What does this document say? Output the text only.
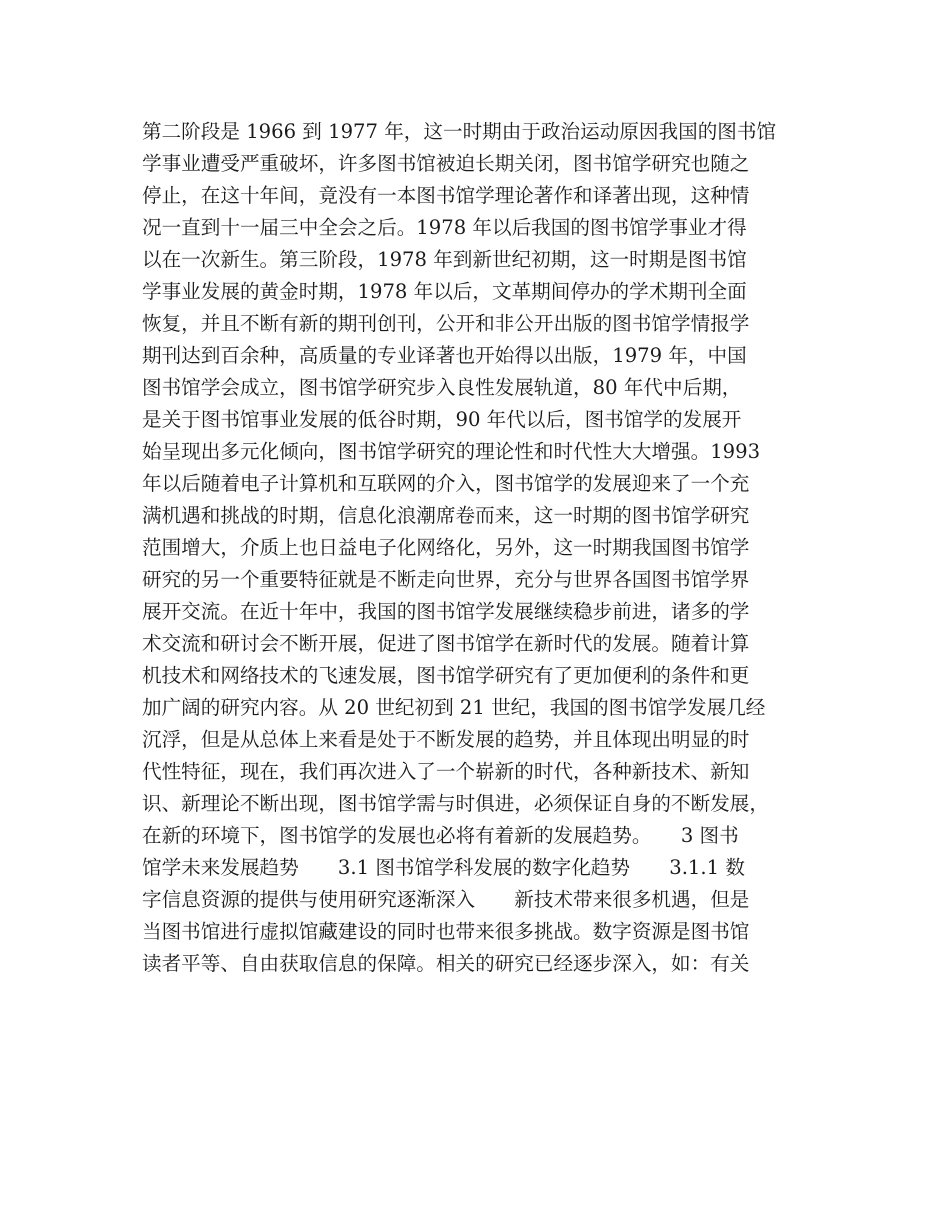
第二阶段是 1966 到 1977 年，这一时期由于政治运动原因我国的图书馆
学事业遭受严重破坏，许多图书馆被迫长期关闭，图书馆学研究也随之
停止，在这十年间，竟没有一本图书馆学理论著作和译著出现，这种情
况一直到十一届三中全会之后。1978 年以后我国的图书馆学事业才得
以在一次新生。第三阶段，1978 年到新世纪初期，这一时期是图书馆
学事业发展的黄金时期，1978 年以后，文革期间停办的学术期刊全面
恢复，并且不断有新的期刊创刊，公开和非公开出版的图书馆学情报学
期刊达到百余种，高质量的专业译著也开始得以出版，1979 年，中国
图书馆学会成立，图书馆学研究步入良性发展轨道，80 年代中后期，
是关于图书馆事业发展的低谷时期，90 年代以后，图书馆学的发展开
始呈现出多元化倾向，图书馆学研究的理论性和时代性大大增强。1993
年以后随着电子计算机和互联网的介入，图书馆学的发展迎来了一个充
满机遇和挑战的时期，信息化浪潮席卷而来，这一时期的图书馆学研究
范围增大，介质上也日益电子化网络化，另外，这一时期我国图书馆学
研究的另一个重要特征就是不断走向世界，充分与世界各国图书馆学界
展开交流。在近十年中，我国的图书馆学发展继续稳步前进，诸多的学
术交流和研讨会不断开展，促进了图书馆学在新时代的发展。随着计算
机技术和网络技术的飞速发展，图书馆学研究有了更加便利的条件和更
加广阔的研究内容。从 20 世纪初到 21 世纪，我国的图书馆学发展几经
沉浮，但是从总体上来看是处于不断发展的趋势，并且体现出明显的时
代性特征，现在，我们再次进入了一个崭新的时代，各种新技术、新知
识、新理论不断出现，图书馆学需与时俱进，必须保证自身的不断发展，
在新的环境下，图书馆学的发展也必将有着新的发展趋势。　　3 图书
馆学未来发展趋势　　3.1 图书馆学科发展的数字化趋势　　3.1.1 数
字信息资源的提供与使用研究逐渐深入　　新技术带来很多机遇，但是
当图书馆进行虚拟馆藏建设的同时也带来很多挑战。数字资源是图书馆
读者平等、自由获取信息的保障。相关的研究已经逐步深入，如：有关
